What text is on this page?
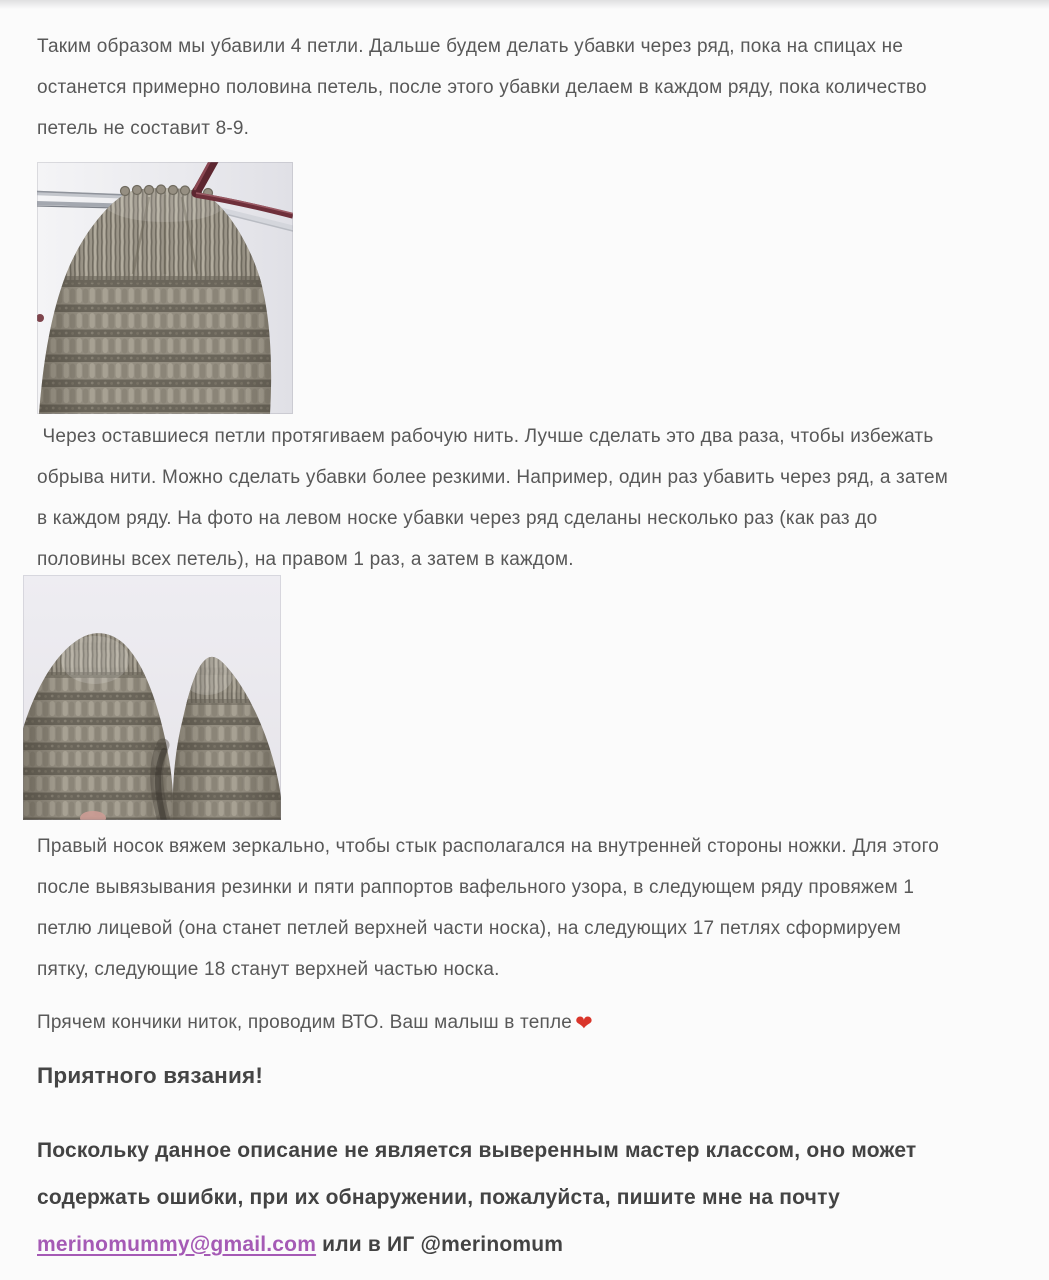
Таким образом мы убавили 4 петли. Дальше будем делать убавки через ряд, пока на спицах не
останется примерно половина петель, после этого убавки делаем в каждом ряду, пока количество
петель не составит 8-9.
Через оставшиеся петли протягиваем рабочую нить. Лучше сделать это два раза, чтобы избежать
обрыва нити. Можно сделать убавки более резкими. Например, один раз убавить через ряд, а затем
в каждом ряду. На фото на левом носке убавки через ряд сделаны несколько раз (как раз до
половины всех петель), на правом 1 раз, а затем в каждом.
Правый носок вяжем зеркально, чтобы стык располагался на внутренней стороны ножки. Для этого
после вывязывания резинки и пяти раппортов вафельного узора, в следующем ряду провяжем 1
петлю лицевой (она станет петлей верхней части носка), на следующих 17 петлях сформируем
пятку, следующие 18 станут верхней частью носка.
Прячем кончики ниток, проводим ВТО. Ваш малыш в тепле ❤
Приятного вязания!
Поскольку данное описание не является выверенным мастер классом, оно может
содержать ошибки, при их обнаружении, пожалуйста, пишите мне на почту
merinomummy@gmail.com или в ИГ @merinomum
